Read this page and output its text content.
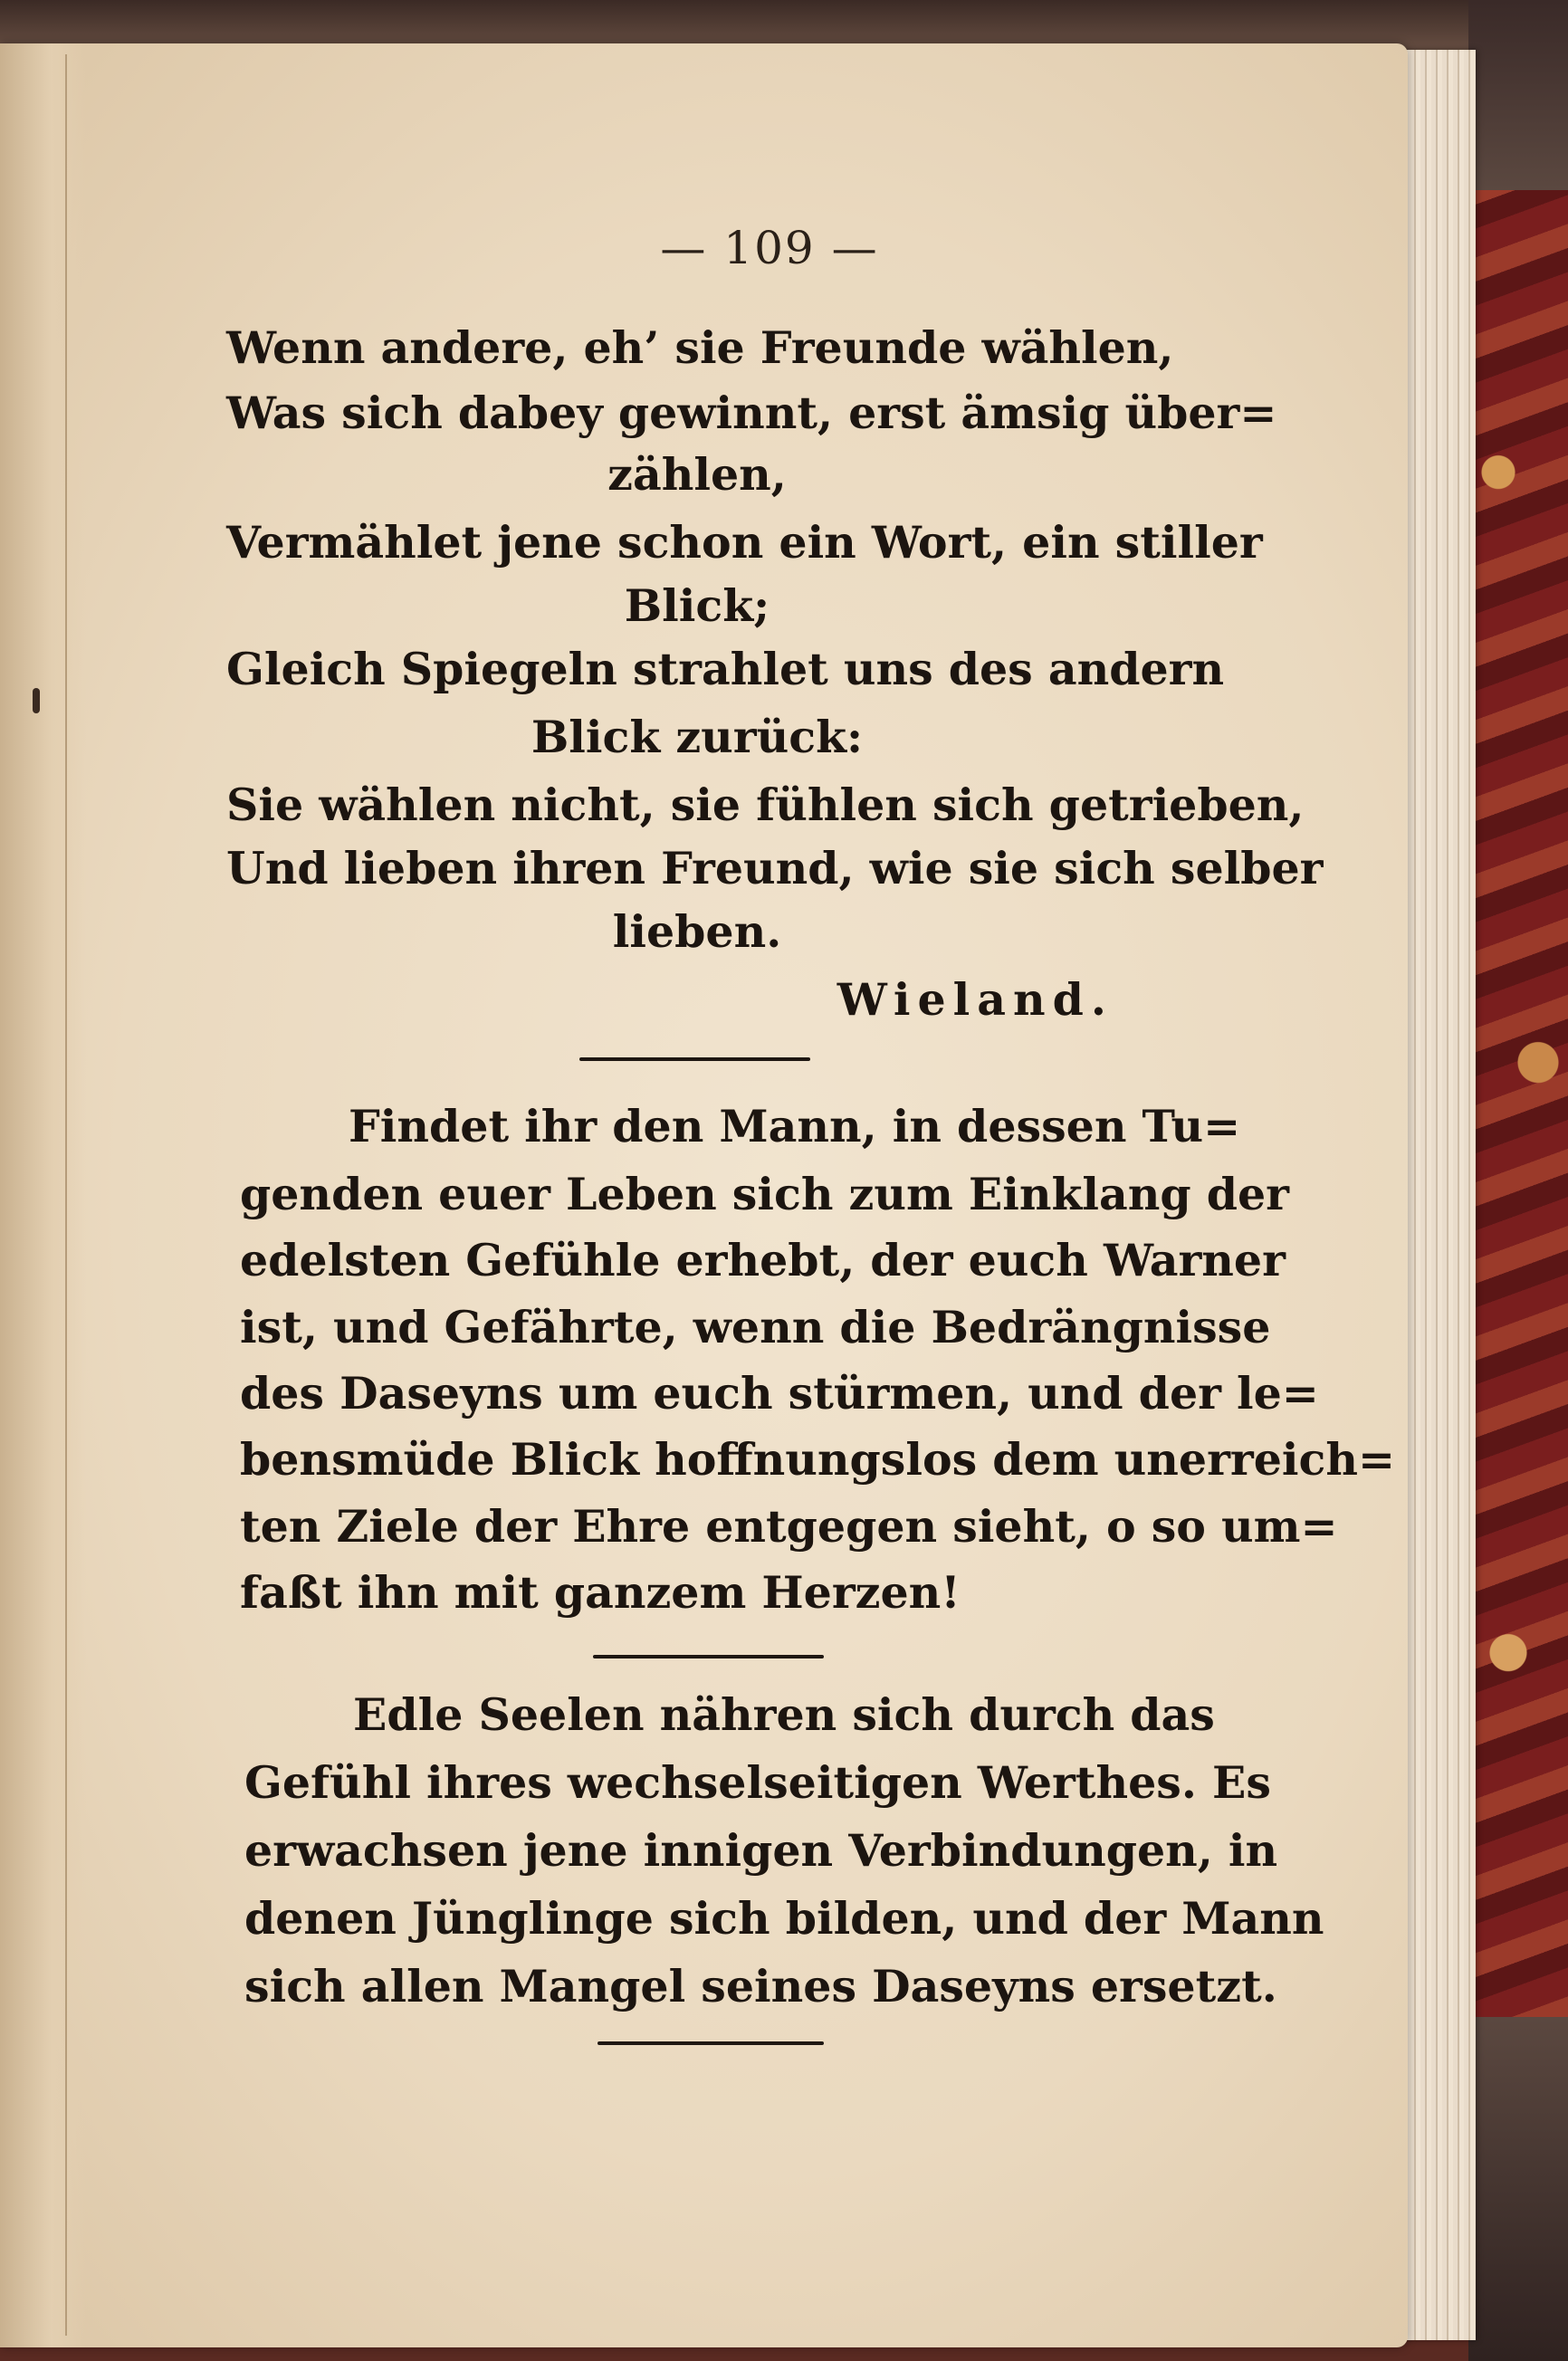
— 109 —
Wenn andere, eh’ sie Freunde wählen,
Was sich dabey gewinnt, erst ämsig über=
zählen,
Vermählet jene schon ein Wort, ein stiller
Blick;
Gleich Spiegeln strahlet uns des andern
Blick zurück:
Sie wählen nicht, sie fühlen sich getrieben,
Und lieben ihren Freund, wie sie sich selber
lieben.
Wieland.
Findet ihr den Mann, in dessen Tu=
genden euer Leben sich zum Einklang der
edelsten Gefühle erhebt, der euch Warner
ist, und Gefährte, wenn die Bedrängnisse
des Daseyns um euch stürmen, und der le=
bensmüde Blick hoffnungslos dem unerreich=
ten Ziele der Ehre entgegen sieht, o so um=
faßt ihn mit ganzem Herzen!
Edle Seelen nähren sich durch das
Gefühl ihres wechselseitigen Werthes. Es
erwachsen jene innigen Verbindungen, in
denen Jünglinge sich bilden, und der Mann
sich allen Mangel seines Daseyns ersetzt.
